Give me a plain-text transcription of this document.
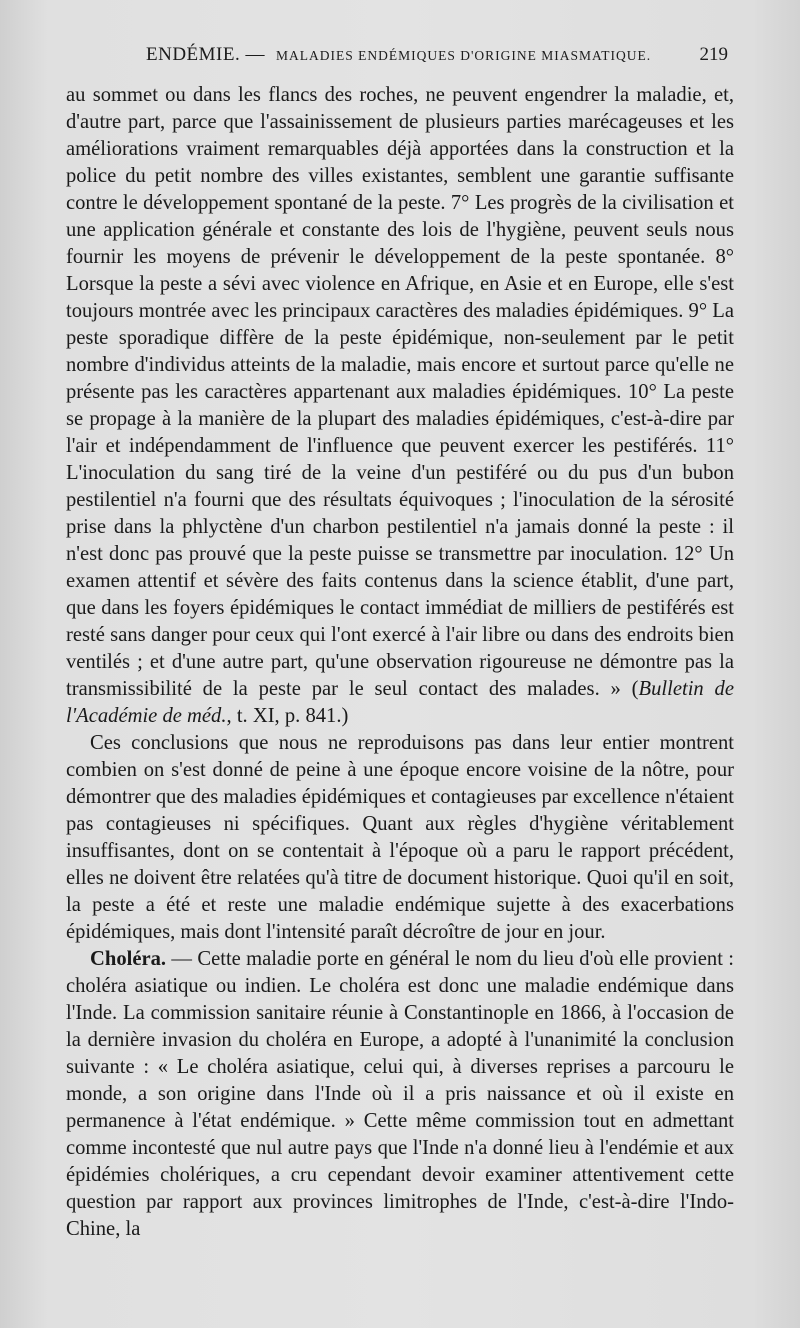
ENDÉMIE. — MALADIES ENDÉMIQUES D'ORIGINE MIASMATIQUE.	219

au sommet ou dans les flancs des roches, ne peuvent engendrer la maladie, et, d'autre part, parce que l'assainissement de plusieurs parties marécageuses et les améliorations vraiment remarquables déjà apportées dans la construction et la police du petit nombre des villes existantes, semblent une garantie suffisante contre le développement spontané de la peste. 7° Les progrès de la civilisation et une application générale et constante des lois de l'hygiène, peuvent seuls nous fournir les moyens de prévenir le développement de la peste spontanée. 8° Lorsque la peste a sévi avec violence en Afrique, en Asie et en Europe, elle s'est toujours montrée avec les principaux caractères des maladies épidémiques. 9° La peste sporadique diffère de la peste épidémique, non-seulement par le petit nombre d'individus atteints de la maladie, mais encore et surtout parce qu'elle ne présente pas les caractères appartenant aux maladies épidémiques. 10° La peste se propage à la manière de la plupart des maladies épidémiques, c'est-à-dire par l'air et indépendamment de l'influence que peuvent exercer les pestiférés. 11° L'inoculation du sang tiré de la veine d'un pestiféré ou du pus d'un bubon pestilentiel n'a fourni que des résultats équivoques ; l'inoculation de la sérosité prise dans la phlyctène d'un charbon pestilentiel n'a jamais donné la peste : il n'est donc pas prouvé que la peste puisse se transmettre par inoculation. 12° Un examen attentif et sévère des faits contenus dans la science établit, d'une part, que dans les foyers épidémiques le contact immédiat de milliers de pestiférés est resté sans danger pour ceux qui l'ont exercé à l'air libre ou dans des endroits bien ventilés ; et d'une autre part, qu'une observation rigoureuse ne démontre pas la transmissibilité de la peste par le seul contact des malades. » (Bulletin de l'Académie de méd., t. XI, p. 841.)

Ces conclusions que nous ne reproduisons pas dans leur entier montrent combien on s'est donné de peine à une époque encore voisine de la nôtre, pour démontrer que des maladies épidémiques et contagieuses par excellence n'étaient pas contagieuses ni spécifiques. Quant aux règles d'hygiène véritablement insuffisantes, dont on se contentait à l'époque où a paru le rapport précédent, elles ne doivent être relatées qu'à titre de document historique. Quoi qu'il en soit, la peste a été et reste une maladie endémique sujette à des exacerbations épidémiques, mais dont l'intensité paraît décroître de jour en jour.

Choléra. — Cette maladie porte en général le nom du lieu d'où elle provient : choléra asiatique ou indien. Le choléra est donc une maladie endémique dans l'Inde. La commission sanitaire réunie à Constantinople en 1866, à l'occasion de la dernière invasion du choléra en Europe, a adopté à l'unanimité la conclusion suivante : « Le choléra asiatique, celui qui, à diverses reprises a parcouru le monde, a son origine dans l'Inde où il a pris naissance et où il existe en permanence à l'état endémique. » Cette même commission tout en admettant comme incontesté que nul autre pays que l'Inde n'a donné lieu à l'endémie et aux épidémies cholériques, a cru cependant devoir examiner attentivement cette question par rapport aux provinces limitrophes de l'Inde, c'est-à-dire l'Indo-Chine, la
